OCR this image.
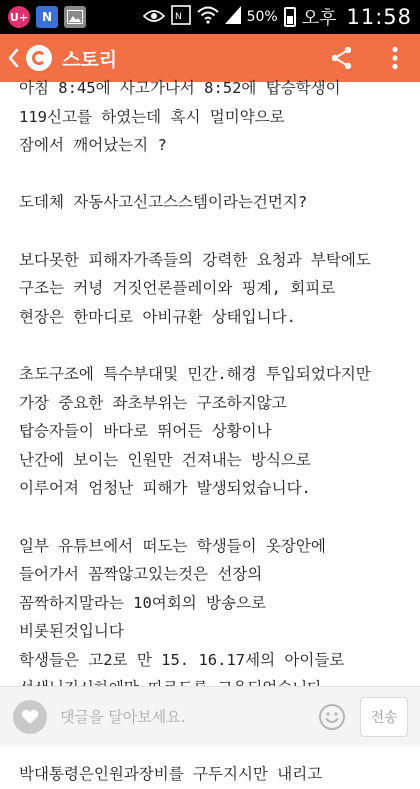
U+	N	N	50% 오후 11:58
스토리
아침 8:45에 사고가나서 8:52에 탑승학생이
119신고를 하였는데 혹시 멀미약으로
잠에서 깨어났는지 ?
도데체 자동사고신고스스템이라는건먼지?
보다못한 피해자가족들의 강력한 요청과 부탁에도
구조는 커녕 거짓언론플레이와 핑계, 회피로
현장은 한마디로 아비규환 상태입니다.
초도구조에 특수부대및 민간.해경 투입되었다지만
가장 중요한 좌초부위는 구조하지않고
탑승자들이 바다로 뛰어든 상황이나
난간에 보이는 인원만 건져내는 방식으로
이루어져 엄청난 피해가 발생되었습니다.
일부 유튜브에서 떠도는 학생들이 옷장안에
들어가서 꼼짝않고있는것은 선장의
꼼짝하지말라는 10여회의 방송으로
비롯된것입니다
학생들은 고2로 만 15. 16.17세의 아이들로
박대통령은인원과장비를 구두지시만 내리고
댓글을 달아보세요.
전송
